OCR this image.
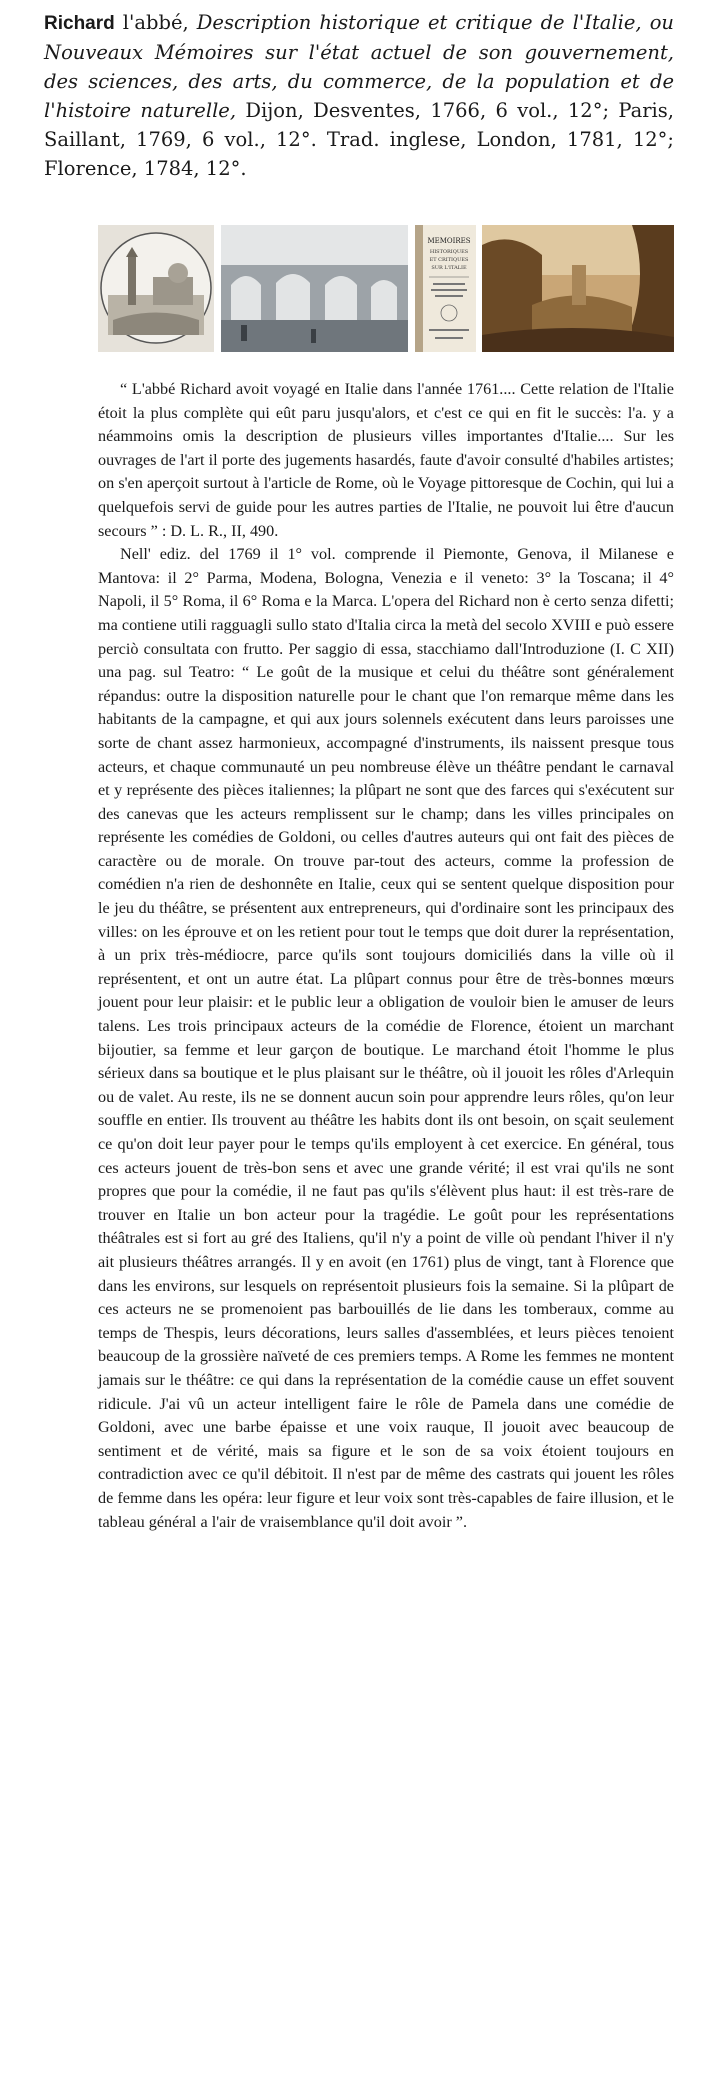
Richard l'abbé, Description historique et critique de l'Italie, ou Nouveaux Mémoires sur l'état actuel de son gouvernement, des sciences, des arts, du commerce, de la population et de l'histoire naturelle, Dijon, Desventes, 1766, 6 vol., 12°; Paris, Saillant, 1769, 6 vol., 12°. Trad. inglese, London, 1781, 12°; Florence, 1784, 12°.

MEMOIRES
HISTORIQUES
ET CRITIQUES
SUR L'ITALIE

“ L'abbé Richard avoit voyagé en Italie dans l'année 1761.... Cette relation de l'Italie étoit la plus complète qui eût paru jusqu'alors, et c'est ce qui en fit le succès: l'a. y a néammoins omis la description de plusieurs villes importantes d'Italie.... Sur les ouvrages de l'art il porte des jugements hasardés, faute d'avoir consulté d'habiles artistes; on s'en aperçoit surtout à l'article de Rome, où le Voyage pittoresque de Cochin, qui lui a quelquefois servi de guide pour les autres parties de l'Italie, ne pouvoit lui être d'aucun secours ” : D. L. R., II, 490.

Nell' ediz. del 1769 il 1° vol. comprende il Piemonte, Genova, il Milanese e Mantova: il 2° Parma, Modena, Bologna, Venezia e il veneto: 3° la Toscana; il 4° Napoli, il 5° Roma, il 6° Roma e la Marca. L'opera del Richard non è certo senza difetti; ma contiene utili ragguagli sullo stato d'Italia circa la metà del secolo XVIII e può essere perciò consultata con frutto. Per saggio di essa, stacchiamo dall'Introduzione (I. C XII) una pag. sul Teatro: “ Le goût de la musique et celui du théâtre sont généralement répandus: outre la disposition naturelle pour le chant que l'on remarque même dans les habitants de la campagne, et qui aux jours solennels exécutent dans leurs paroisses une sorte de chant assez harmonieux, accompagné d'instruments, ils naissent presque tous acteurs, et chaque communauté un peu nombreuse élève un théâtre pendant le carnaval et y représente des pièces italiennes; la plûpart ne sont que des farces qui s'exécutent sur des canevas que les acteurs remplissent sur le champ; dans les villes principales on représente les comédies de Goldoni, ou celles d'autres auteurs qui ont fait des pièces de caractère ou de morale. On trouve par-tout des acteurs, comme la profession de comédien n'a rien de deshonnête en Italie, ceux qui se sentent quelque disposition pour le jeu du théâtre, se présentent aux entrepreneurs, qui d'ordinaire sont les principaux des villes: on les éprouve et on les retient pour tout le temps que doit durer la représentation, à un prix très-médiocre, parce qu'ils sont toujours domiciliés dans la ville où il représentent, et ont un autre état. La plûpart connus pour être de très-bonnes mœurs jouent pour leur plaisir: et le public leur a obligation de vouloir bien le amuser de leurs talens. Les trois principaux acteurs de la comédie de Florence, étoient un marchant bijoutier, sa femme et leur garçon de boutique. Le marchand étoit l'homme le plus sérieux dans sa boutique et le plus plaisant sur le théâtre, où il jouoit les rôles d'Arlequin ou de valet. Au reste, ils ne se donnent aucun soin pour apprendre leurs rôles, qu'on leur souffle en entier. Ils trouvent au théâtre les habits dont ils ont besoin, on sçait seulement ce qu'on doit leur payer pour le temps qu'ils employent à cet exercice. En général, tous ces acteurs jouent de très-bon sens et avec une grande vérité; il est vrai qu'ils ne sont propres que pour la comédie, il ne faut pas qu'ils s'élèvent plus haut: il est très-rare de trouver en Italie un bon acteur pour la tragédie. Le goût pour les représentations théâtrales est si fort au gré des Italiens, qu'il n'y a point de ville où pendant l'hiver il n'y ait plusieurs théâtres arrangés. Il y en avoit (en 1761) plus de vingt, tant à Florence que dans les environs, sur lesquels on représentoit plusieurs fois la semaine. Si la plûpart de ces acteurs ne se promenoient pas barbouillés de lie dans les tomberaux, comme au temps de Thespis, leurs décorations, leurs salles d'assemblées, et leurs pièces tenoient beaucoup de la grossière naïveté de ces premiers temps. A Rome les femmes ne montent jamais sur le théâtre: ce qui dans la représentation de la comédie cause un effet souvent ridicule. J'ai vû un acteur intelligent faire le rôle de Pamela dans une comédie de Goldoni, avec une barbe épaisse et une voix rauque, Il jouoit avec beaucoup de sentiment et de vérité, mais sa figure et le son de sa voix étoient toujours en contradiction avec ce qu'il débitoit. Il n'est par de même des castrats qui jouent les rôles de femme dans les opéra: leur figure et leur voix sont très-capables de faire illusion, et le tableau général a l'air de vraisemblance qu'il doit avoir ”.
